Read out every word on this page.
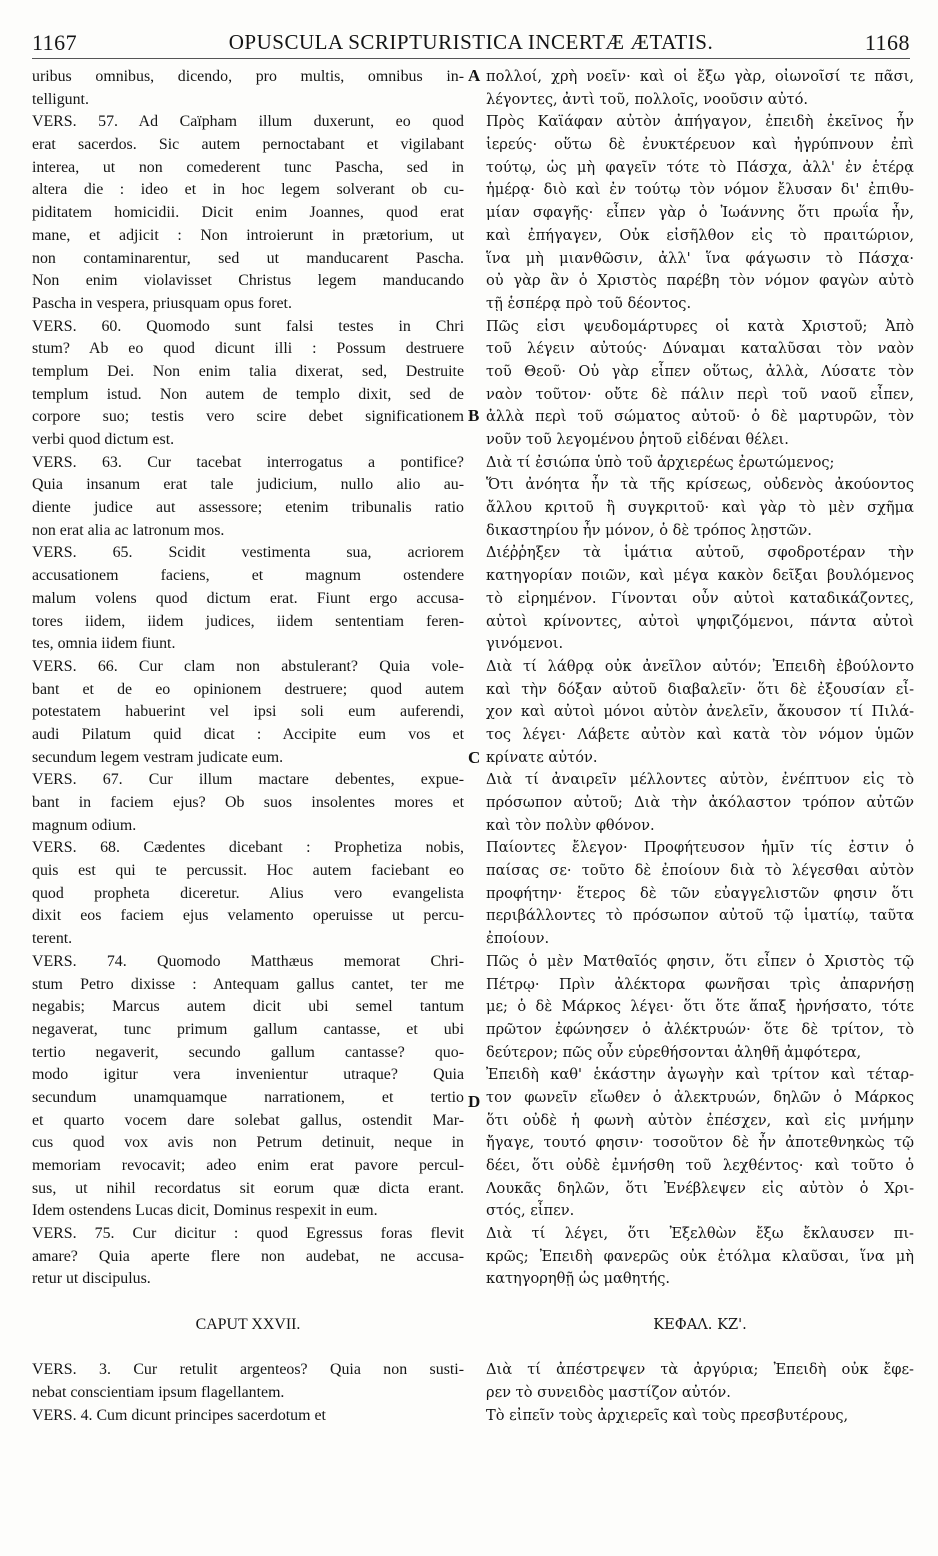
1167	OPUSCULA SCRIPTURISTICA INCERTÆ ÆTATIS.	1168
uribus omnibus, dicendo, pro multis, omnibus in-
telligunt.
VERS. 57. Ad Caïpham illum duxerunt, eo quod
erat sacerdos. Sic autem pernoctabant et vigilabant
interea, ut non comederent tunc Pascha, sed in
altera die : ideo et in hoc legem solverant ob cu-
piditatem homicidii. Dicit enim Joannes, quod erat
mane, et adjicit : Non introierunt in prætorium, ut
non contaminarentur, sed ut manducarent Pascha.
Non enim violavisset Christus legem manducando
Pascha in vespera, priusquam opus foret.
VERS. 60. Quomodo sunt falsi testes in Chri
stum? Ab eo quod dicunt illi : Possum destruere
templum Dei. Non enim talia dixerat, sed, Destruite
templum istud. Non autem de templo dixit, sed de
corpore suo; testis vero scire debet significationem
verbi quod dictum est.
VERS. 63. Cur tacebat interrogatus a pontifice?
Quia insanum erat tale judicium, nullo alio au-
diente judice aut assessore; etenim tribunalis ratio
non erat alia ac latronum mos.
VERS. 65. Scidit vestimenta sua, acriorem
accusationem faciens, et magnum ostendere
malum volens quod dictum erat. Fiunt ergo accusa-
tores iidem, iidem judices, iidem sententiam feren-
tes, omnia iidem fiunt.
VERS. 66. Cur clam non abstulerant? Quia vole-
bant et de eo opinionem destruere; quod autem
potestatem habuerint vel ipsi soli eum auferendi,
audi Pilatum quid dicat : Accipite eum vos et
secundum legem vestram judicate eum.
VERS. 67. Cur illum mactare debentes, expue-
bant in faciem ejus? Ob suos insolentes mores et
magnum odium.
VERS. 68. Cædentes dicebant : Prophetiza nobis,
quis est qui te percussit. Hoc autem faciebant eo
quod propheta diceretur. Alius vero evangelista
dixit eos faciem ejus velamento operuisse ut percu-
terent.
VERS. 74. Quomodo Matthæus memorat Chri-
stum Petro dixisse : Antequam gallus cantet, ter me
negabis; Marcus autem dicit ubi semel tantum
negaverat, tunc primum gallum cantasse, et ubi
tertio negaverit, secundo gallum cantasse? quo-
modo igitur vera invenientur utraque? Quia
secundum unamquamque narrationem, et tertio
et quarto vocem dare solebat gallus, ostendit Mar-
cus quod vox avis non Petrum detinuit, neque in
memoriam revocavit; adeo enim erat pavore percul-
sus, ut nihil recordatus sit eorum quæ dicta erant.
Idem ostendens Lucas dicit, Dominus respexit in eum.
VERS. 75. Cur dicitur : quod Egressus foras flevit
amare? Quia aperte flere non audebat, ne accusa-
retur ut discipulus.
CAPUT XXVII.
VERS. 3. Cur retulit argenteos? Quia non susti-
nebat conscientiam ipsum flagellantem.
VERS. 4. Cum dicunt principes sacerdotum et
A
B
C
D
πολλοί, χρὴ νοεῖν· καὶ οἱ ἔξω γὰρ, οἰωνοῖσί τε πᾶσι,
λέγοντες, ἀντὶ τοῦ, πολλοῖς, νοοῦσιν αὐτό.
Πρὸς Καϊάφαν αὐτὸν ἀπήγαγον, ἐπειδὴ ἐκεῖνος ἦν
ἱερεύς· οὕτω δὲ ἐνυκτέρευον καὶ ἠγρύπνουν ἐπὶ
τούτῳ, ὡς μὴ φαγεῖν τότε τὸ Πάσχα, ἀλλ' ἐν ἑτέρᾳ
ἡμέρᾳ· διὸ καὶ ἐν τούτῳ τὸν νόμον ἔλυσαν δι' ἐπιθυ-
μίαν σφαγῆς· εἶπεν γὰρ ὁ Ἰωάννης ὅτι πρωΐα ἦν,
καὶ ἐπήγαγεν, Οὐκ εἰσῆλθον εἰς τὸ πραιτώριον,
ἵνα μὴ μιανθῶσιν, ἀλλ' ἵνα φάγωσιν τὸ Πάσχα·
οὐ γὰρ ἂν ὁ Χριστὸς παρέβη τὸν νόμον φαγὼν αὐτὸ
τῇ ἑσπέρᾳ πρὸ τοῦ δέοντος.
Πῶς εἰσι ψευδομάρτυρες οἱ κατὰ Χριστοῦ; Ἀπὸ
τοῦ λέγειν αὐτούς· Δύναμαι καταλῦσαι τὸν ναὸν
τοῦ Θεοῦ· Οὐ γὰρ εἶπεν οὕτως, ἀλλὰ, Λύσατε τὸν
ναὸν τοῦτον· οὔτε δὲ πάλιν περὶ τοῦ ναοῦ εἶπεν,
ἀλλὰ περὶ τοῦ σώματος αὐτοῦ· ὁ δὲ μαρτυρῶν, τὸν
νοῦν τοῦ λεγομένου ῥητοῦ εἰδέναι θέλει.
Διὰ τί ἐσιώπα ὑπὸ τοῦ ἀρχιερέως ἐρωτώμενος;
Ὅτι ἀνόητα ἦν τὰ τῆς κρίσεως, οὐδενὸς ἀκούοντος
ἄλλου κριτοῦ ἢ συγκριτοῦ· καὶ γὰρ τὸ μὲν σχῆμα
δικαστηρίου ἦν μόνον, ὁ δὲ τρόπος λῃστῶν.
Διέῤῥηξεν τὰ ἱμάτια αὐτοῦ, σφοδροτέραν τὴν
κατηγορίαν ποιῶν, καὶ μέγα κακὸν δεῖξαι βουλόμενος
τὸ εἰρημένον. Γίνονται οὖν αὐτοὶ καταδικάζοντες,
αὐτοὶ κρίνοντες, αὐτοὶ ψηφιζόμενοι, πάντα αὐτοὶ
γινόμενοι.
Διὰ τί λάθρᾳ οὐκ ἀνεῖλον αὐτόν; Ἐπειδὴ ἐβούλοντο
καὶ τὴν δόξαν αὐτοῦ διαβαλεῖν· ὅτι δὲ ἐξουσίαν εἶ-
χον καὶ αὐτοὶ μόνοι αὐτὸν ἀνελεῖν, ἄκουσον τί Πιλά-
τος λέγει· Λάβετε αὐτὸν καὶ κατὰ τὸν νόμον ὑμῶν
κρίνατε αὐτόν.
Διὰ τί ἀναιρεῖν μέλλοντες αὐτὸν, ἐνέπτυον εἰς τὸ
πρόσωπον αὐτοῦ; Διὰ τὴν ἀκόλαστον τρόπον αὐτῶν
καὶ τὸν πολὺν φθόνον.
Παίοντες ἔλεγον· Προφήτευσον ἡμῖν τίς ἐστιν ὁ
παίσας σε· τοῦτο δὲ ἐποίουν διὰ τὸ λέγεσθαι αὐτὸν
προφήτην· ἕτερος δὲ τῶν εὐαγγελιστῶν φησιν ὅτι
περιβάλλοντες τὸ πρόσωπον αὐτοῦ τῷ ἱματίῳ, ταῦτα
ἐποίουν.
Πῶς ὁ μὲν Ματθαῖός φησιν, ὅτι εἶπεν ὁ Χριστὸς τῷ
Πέτρῳ· Πρὶν ἀλέκτορα φωνῆσαι τρὶς ἀπαρνήσῃ
με; ὁ δὲ Μάρκος λέγει· ὅτι ὅτε ἅπαξ ἠρνήσατο, τότε
πρῶτον ἐφώνησεν ὁ ἀλέκτρυών· ὅτε δὲ τρίτον, τὸ
δεύτερον; πῶς οὖν εὑρεθήσονται ἀληθῆ ἀμφότερα,
Ἐπειδὴ καθ' ἑκάστην ἀγωγὴν καὶ τρίτον καὶ τέταρ-
τον φωνεῖν εἴωθεν ὁ ἀλεκτρυών, δηλῶν ὁ Μάρκος
ὅτι οὐδὲ ἡ φωνὴ αὐτὸν ἐπέσχεν, καὶ εἰς μνήμην
ἤγαγε, τουτό φησιν· τοσοῦτον δὲ ἦν ἀποτεθνηκὼς τῷ
δέει, ὅτι οὐδὲ ἐμνήσθη τοῦ λεχθέντος· καὶ τοῦτο ὁ
Λουκᾶς δηλῶν, ὅτι Ἐνέβλεψεν εἰς αὐτὸν ὁ Χρι-
στός, εἶπεν.
Διὰ τί λέγει, ὅτι Ἐξελθὼν ἔξω ἔκλαυσεν πι-
κρῶς; Ἐπειδὴ φανερῶς οὐκ ἐτόλμα κλαῦσαι, ἵνα μὴ
κατηγορηθῇ ὡς μαθητής.
ΚΕΦΑΛ. ΚΖ'.
Διὰ τί ἀπέστρεψεν τὰ ἀργύρια; Ἐπειδὴ οὐκ ἔφε-
ρεν τὸ συνειδὸς μαστίζον αὐτόν.
Τὸ εἰπεῖν τοὺς ἀρχιερεῖς καὶ τοὺς πρεσβυτέρους,
